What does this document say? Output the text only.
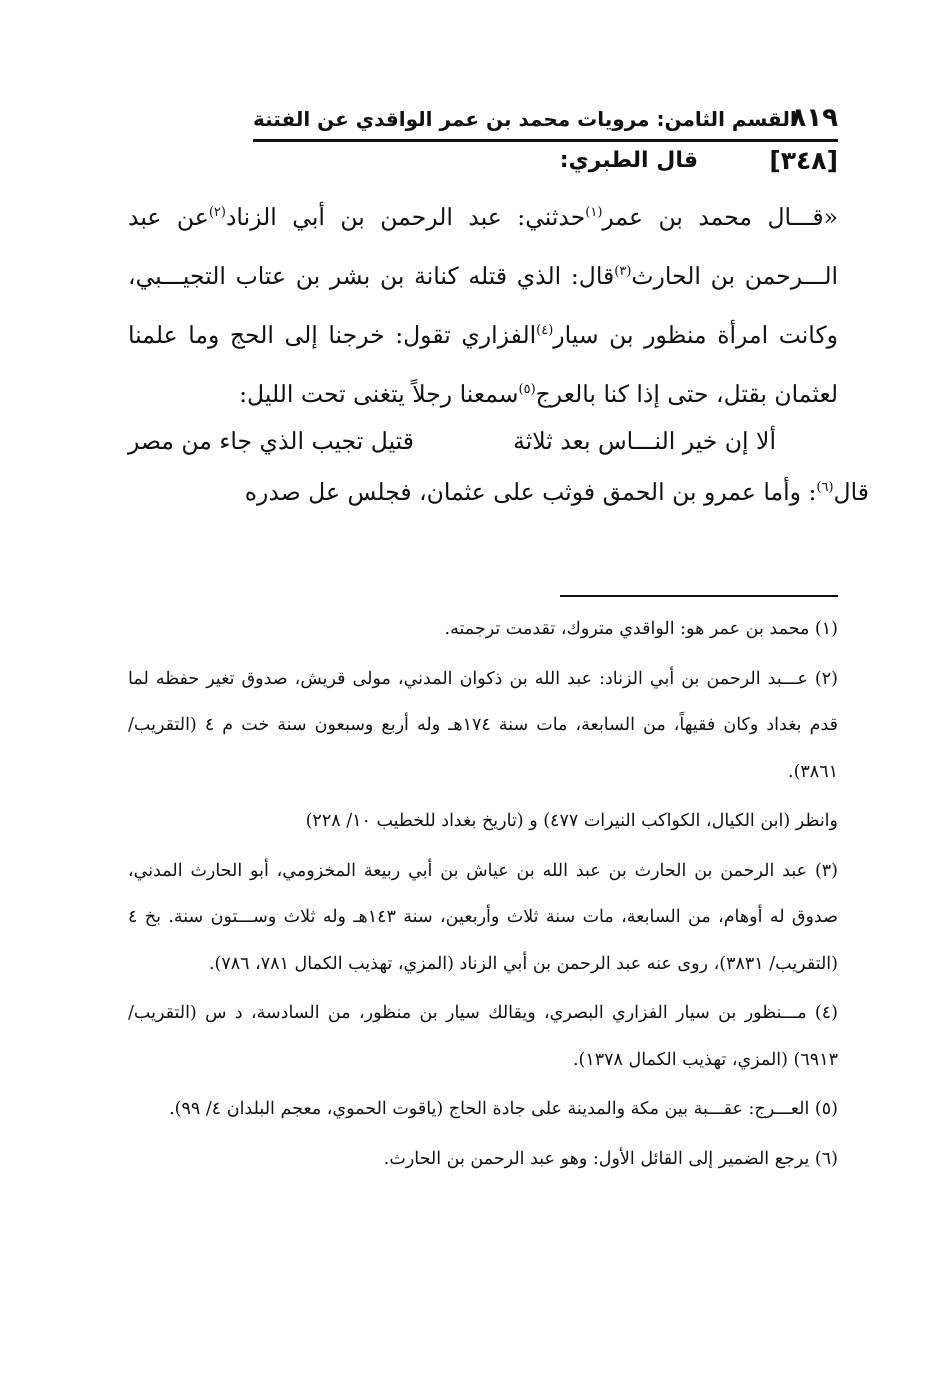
٨١٩
القسم الثامن: مرويات محمد بن عمر الواقدي عن الفتنة
[٣٤٨]
قال الطبري:

«قـــال محمد بن عمر$^{(١)}$حدثني: عبد الرحمن بن أبي الزناد$^{(٢)}$عن عبد الـــرحمن بن الحارث$^{(٣)}$قال: الذي قتله كنانة بن بشر بن عتاب التجيـــبي، وكانت امرأة منظور بن سيار$^{(٤)}$الفزاري تقول: خرجنا إلى الحج وما علمنا لعثمان بقتل، حتى إذا كنا بالعرج$^{(٥)}$سمعنا رجلاً يتغنى تحت الليل:

ألا إن خير النـــاس بعد ثلاثة
قتيل تجيب الذي جاء من مصر
قال$^{(٦)}$: وأما عمرو بن الحمق فوثب على عثمان، فجلس عل صدره

(١) محمد بن عمر هو: الواقدي متروك، تقدمت ترجمته.

(٢) عـــبد الرحمن بن أبي الزناد: عبد الله بن ذكوان المدني، مولى قريش، صدوق تغير حفظه لما قدم بغداد وكان فقيهاً، من السابعة، مات سنة ١٧٤هـ وله أربع وسبعون سنة خت م ٤ (التقريب/ ٣٨٦١).

وانظر (ابن الكيال، الكواكب النيرات ٤٧٧) و (تاريخ بغداد للخطيب ١٠/ ٢٢٨)

(٣) عبد الرحمن بن الحارث بن عبد الله بن عياش بن أبي ربيعة المخزومي، أبو الحارث المدني، صدوق له أوهام، من السابعة، مات سنة ثلاث وأربعين، سنة ١٤٣هـ وله ثلاث وســـتون سنة. بخ ٤ (التقريب/ ٣٨٣١)، روى عنه عبد الرحمن بن أبي الزناد (المزي، تهذيب الكمال ٧٨١، ٧٨٦).

(٤) مـــنظور بن سيار الفزاري البصري، ويقالك سيار بن منظور، من السادسة، د س (التقريب/ ٦٩١٣) (المزي، تهذيب الكمال ١٣٧٨).

(٥) العـــرج: عقـــبة بين مكة والمدينة على جادة الحاج (ياقوت الحموي، معجم البلدان ٤/ ٩٩).

(٦) يرجع الضمير إلى القائل الأول: وهو عبد الرحمن بن الحارث.
